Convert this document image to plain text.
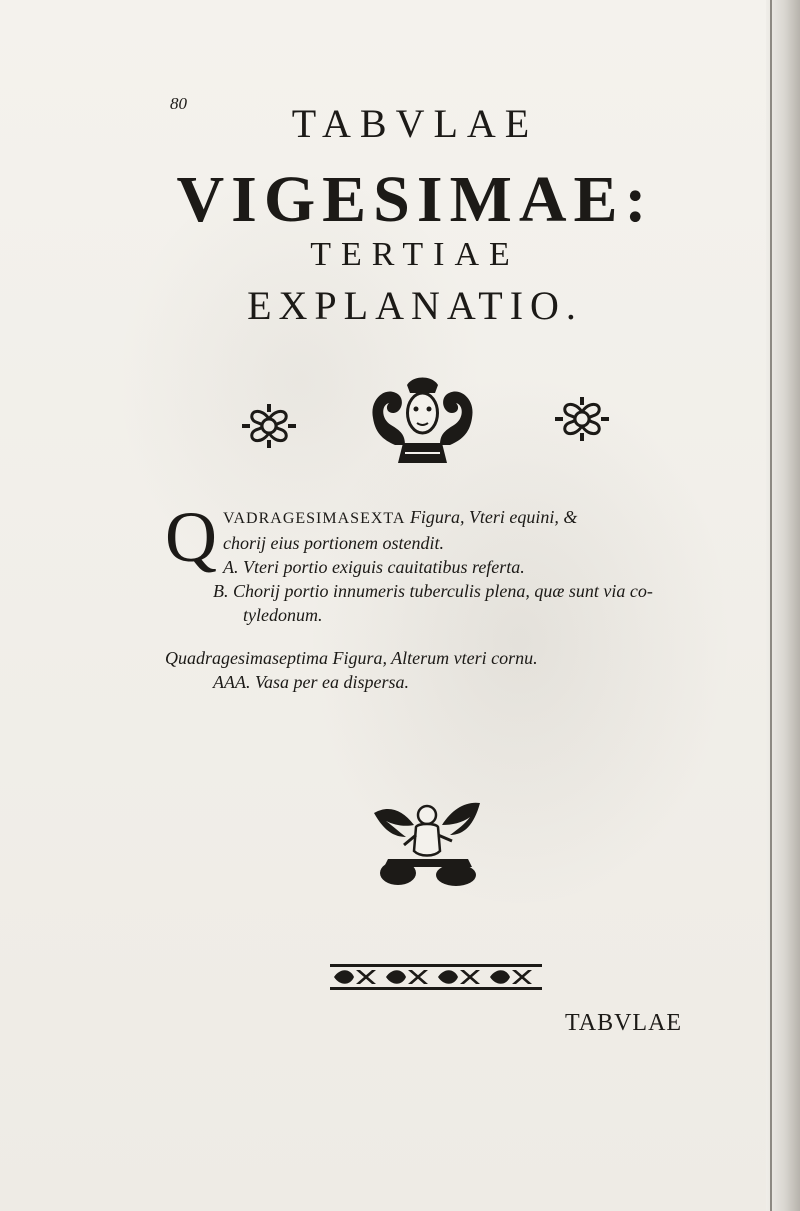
80	TABVLAE
VIGESIMAE:
TERTIAE
EXPLANATIO.
Q VADRAGESIMASEXTA Figura, Vteri equini, &
chorij eius portionem ostendit.
A. Vteri portio exiguis cauitatibus referta.
B. Chorij portio innumeris tuberculis plena, quæ sunt via co-
tyledonum.
Quadragesimaseptima Figura, Alterum vteri cornu.
AAA. Vasa per ea dispersa.
TABVLAE
